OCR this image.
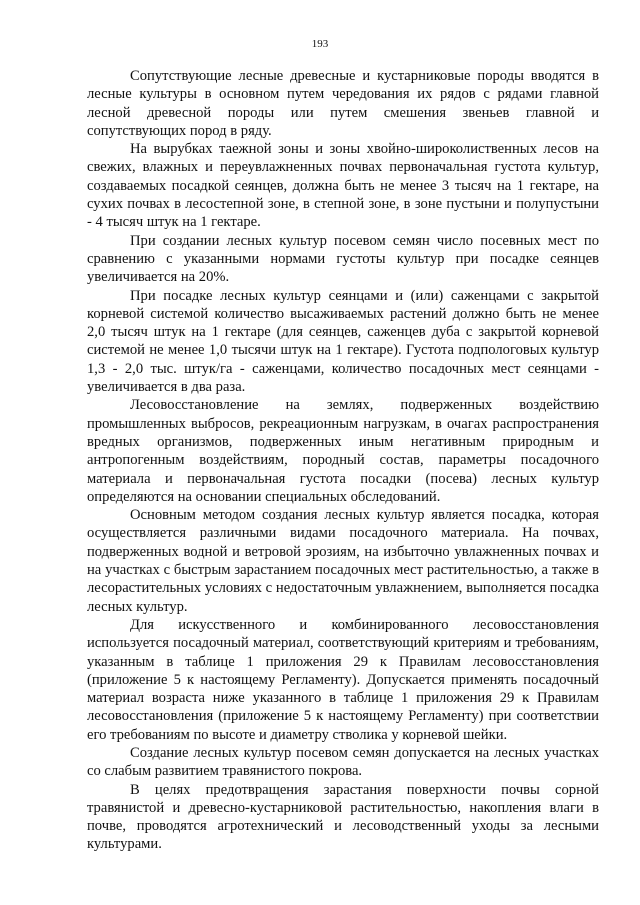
193

Сопутствующие лесные древесные и кустарниковые породы вводятся в лесные культуры в основном путем чередования их рядов с рядами главной лесной древесной породы или путем смешения звеньев главной и сопутствующих пород в ряду.

На вырубках таежной зоны и зоны хвойно-широколиственных лесов на свежих, влажных и переувлажненных почвах первоначальная густота культур, создаваемых посадкой сеянцев, должна быть не менее 3 тысяч на 1 гектаре, на сухих почвах в лесостепной зоне, в степной зоне, в зоне пустыни и полупустыни - 4 тысяч штук на 1 гектаре.

При создании лесных культур посевом семян число посевных мест по сравнению с указанными нормами густоты культур при посадке сеянцев увеличивается на 20%.

При посадке лесных культур сеянцами и (или) саженцами с закрытой корневой системой количество высаживаемых растений должно быть не менее 2,0 тысяч штук на 1 гектаре (для сеянцев, саженцев дуба с закрытой корневой системой не менее 1,0 тысячи штук на 1 гектаре). Густота подпологовых культур 1,3 - 2,0 тыс. штук/га - саженцами, количество посадочных мест сеянцами - увеличивается в два раза.

Лесовосстановление на землях, подверженных воздействию промышленных выбросов, рекреационным нагрузкам, в очагах распространения вредных организмов, подверженных иным негативным природным и антропогенным воздействиям, породный состав, параметры посадочного материала и первоначальная густота посадки (посева) лесных культур определяются на основании специальных обследований.

Основным методом создания лесных культур является посадка, которая осуществляется различными видами посадочного материала. На почвах, подверженных водной и ветровой эрозиям, на избыточно увлажненных почвах и на участках с быстрым зарастанием посадочных мест растительностью, а также в лесорастительных условиях с недостаточным увлажнением, выполняется посадка лесных культур.

Для искусственного и комбинированного лесовосстановления используется посадочный материал, соответствующий критериям и требованиям, указанным в таблице 1 приложения 29 к Правилам лесовосстановления (приложение 5 к настоящему Регламенту). Допускается применять посадочный материал возраста ниже указанного в таблице 1 приложения 29 к Правилам лесовосстановления (приложение 5 к настоящему Регламенту) при соответствии его требованиям по высоте и диаметру стволика у корневой шейки.

Создание лесных культур посевом семян допускается на лесных участках со слабым развитием травянистого покрова.

В целях предотвращения зарастания поверхности почвы сорной травянистой и древесно-кустарниковой растительностью, накопления влаги в почве, проводятся агротехнический и лесоводственный уходы за лесными культурами.
